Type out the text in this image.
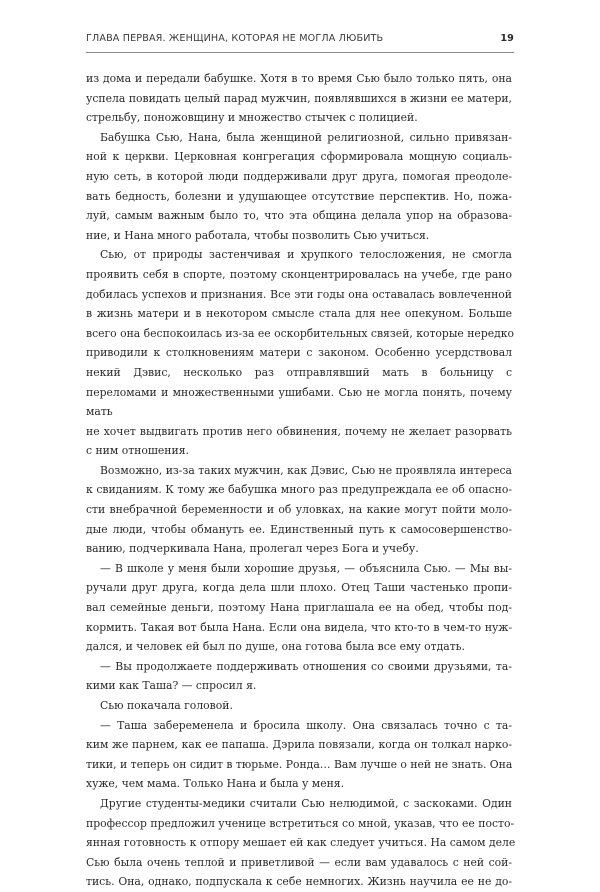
ГЛАВА ПЕРВАЯ. ЖЕНЩИНА, КОТОРАЯ НЕ МОГЛА ЛЮБИТЬ	19

из дома и передали бабушке. Хотя в то время Сью было только пять, она
успела повидать целый парад мужчин, появлявшихся в жизни ее матери,
стрельбу, поножовщину и множество стычек с полицией.

Бабушка Сью, Нана, была женщиной религиозной, сильно привязан-
ной к церкви. Церковная конгрегация сформировала мощную социаль-
ную сеть, в которой люди поддерживали друг друга, помогая преодоле-
вать бедность, болезни и удушающее отсутствие перспектив. Но, пожа-
луй, самым важным было то, что эта община делала упор на образова-
ние, и Нана много работала, чтобы позволить Сью учиться.

Сью, от природы застенчивая и хрупкого телосложения, не смогла
проявить себя в спорте, поэтому сконцентрировалась на учебе, где рано
добилась успехов и признания. Все эти годы она оставалась вовлеченной
в жизнь матери и в некотором смысле стала для нее опекуном. Больше
всего она беспокоилась из-за ее оскорбительных связей, которые нередко
приводили к столкновениям матери с законом. Особенно усердствовал
некий Дэвис, несколько раз отправлявший мать в больницу с переломами и множественными ушибами. Сью не могла понять, почему мать
не хочет выдвигать против него обвинения, почему не желает разорвать
с ним отношения.

Возможно, из-за таких мужчин, как Дэвис, Сью не проявляла интереса
к свиданиям. К тому же бабушка много раз предупреждала ее об опасно-
сти внебрачной беременности и об уловках, на какие могут пойти моло-
дые люди, чтобы обмануть ее. Единственный путь к самосовершенство-
ванию, подчеркивала Нана, пролегал через Бога и учебу.

— В школе у меня были хорошие друзья, — объяснила Сью. — Мы вы-
ручали друг друга, когда дела шли плохо. Отец Таши частенько пропи-
вал семейные деньги, поэтому Нана приглашала ее на обед, чтобы под-
кормить. Такая вот была Нана. Если она видела, что кто-то в чем-то нуж-
дался, и человек ей был по душе, она готова была все ему отдать.

— Вы продолжаете поддерживать отношения со своими друзьями, та-
кими как Таша? — спросил я.

Сью покачала головой.

— Таша забеременела и бросила школу. Она связалась точно с та-
ким же парнем, как ее папаша. Дэрила повязали, когда он толкал нарко-
тики, и теперь он сидит в тюрьме. Ронда… Вам лучше о ней не знать. Она
хуже, чем мама. Только Нана и была у меня.

Другие студенты-медики считали Сью нелюдимой, с заскоками. Один
профессор предложил ученице встретиться со мной, указав, что ее посто-
янная готовность к отпору мешает ей как следует учиться. На самом деле
Сью была очень теплой и приветливой — если вам удавалось с ней сой-
тись. Она, однако, подпускала к себе немногих. Жизнь научила ее не до-
